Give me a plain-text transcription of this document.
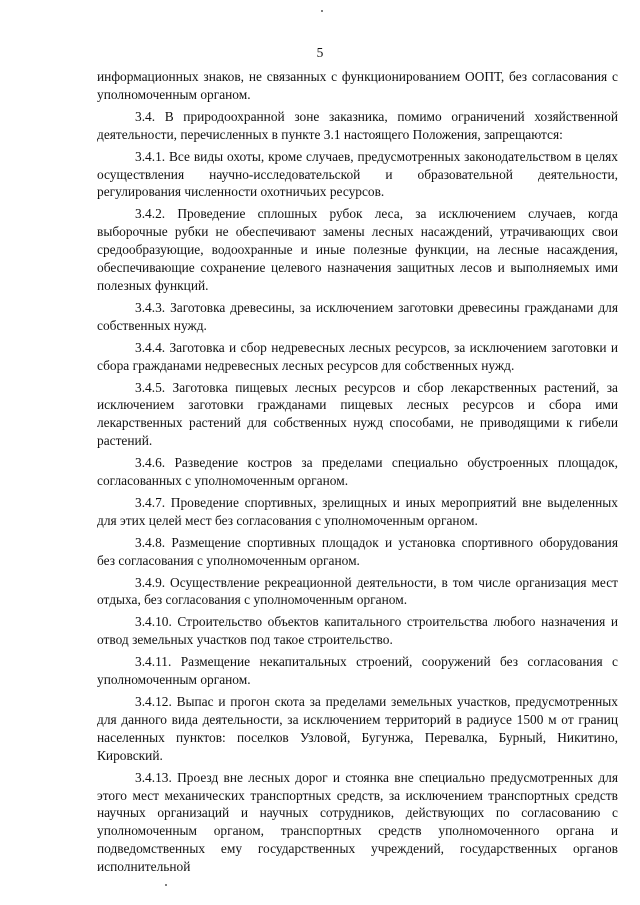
5

информационных знаков, не связанных с функционированием ООПТ, без согласования с уполномоченным органом.

3.4. В природоохранной зоне заказника, помимо ограничений хозяйственной деятельности, перечисленных в пункте 3.1 настоящего Положения, запрещаются:

3.4.1. Все виды охоты, кроме случаев, предусмотренных законодательством в целях осуществления научно-исследовательской и образовательной деятельности, регулирования численности охотничьих ресурсов.

3.4.2. Проведение сплошных рубок леса, за исключением случаев, когда выборочные рубки не обеспечивают замены лесных насаждений, утрачивающих свои средообразующие, водоохранные и иные полезные функции, на лесные насаждения, обеспечивающие сохранение целевого назначения защитных лесов и выполняемых ими полезных функций.

3.4.3. Заготовка древесины, за исключением заготовки древесины гражданами для собственных нужд.

3.4.4. Заготовка и сбор недревесных лесных ресурсов, за исключением заготовки и сбора гражданами недревесных лесных ресурсов для собственных нужд.

3.4.5. Заготовка пищевых лесных ресурсов и сбор лекарственных растений, за исключением заготовки гражданами пищевых лесных ресурсов и сбора ими лекарственных растений для собственных нужд способами, не приводящими к гибели растений.

3.4.6. Разведение костров за пределами специально обустроенных площадок, согласованных с уполномоченным органом.

3.4.7. Проведение спортивных, зрелищных и иных мероприятий вне выделенных для этих целей мест без согласования с уполномоченным органом.

3.4.8. Размещение спортивных площадок и установка спортивного оборудования без согласования с уполномоченным органом.

3.4.9. Осуществление рекреационной деятельности, в том числе организация мест отдыха, без согласования с уполномоченным органом.

3.4.10. Строительство объектов капитального строительства любого назначения и отвод земельных участков под такое строительство.

3.4.11. Размещение некапитальных строений, сооружений без согласования с уполномоченным органом.

3.4.12. Выпас и прогон скота за пределами земельных участков, предусмотренных для данного вида деятельности, за исключением территорий в радиусе 1500 м от границ населенных пунктов: поселков Узловой, Бугунжа, Перевалка, Бурный, Никитино, Кировский.

3.4.13. Проезд вне лесных дорог и стоянка вне специально предусмотренных для этого мест механических транспортных средств, за исключением транспортных средств научных организаций и научных сотрудников, действующих по согласованию с уполномоченным органом, транспортных средств уполномоченного органа и подведомственных ему государственных учреждений, государственных органов исполнительной
